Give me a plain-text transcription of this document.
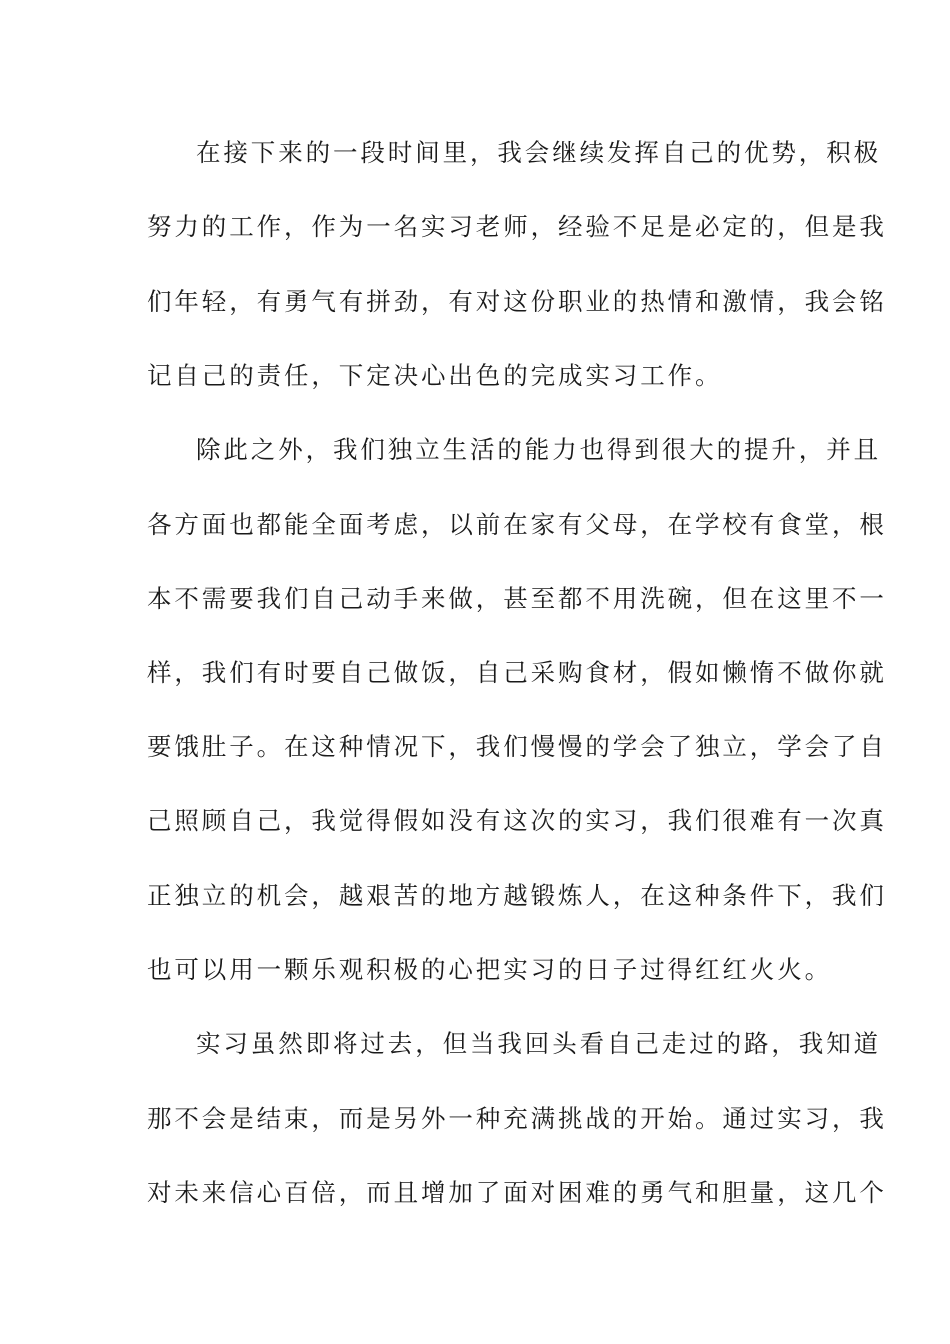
在接下来的一段时间里，我会继续发挥自己的优势，积极
努力的工作，作为一名实习老师，经验不足是必定的，但是我
们年轻，有勇气有拼劲，有对这份职业的热情和激情，我会铭
记自己的责任，下定决心出色的完成实习工作。
除此之外，我们独立生活的能力也得到很大的提升，并且
各方面也都能全面考虑，以前在家有父母，在学校有食堂，根
本不需要我们自己动手来做，甚至都不用洗碗，但在这里不一
样，我们有时要自己做饭，自己采购食材，假如懒惰不做你就
要饿肚子。在这种情况下，我们慢慢的学会了独立，学会了自
己照顾自己，我觉得假如没有这次的实习，我们很难有一次真
正独立的机会，越艰苦的地方越锻炼人，在这种条件下，我们
也可以用一颗乐观积极的心把实习的日子过得红红火火。
实习虽然即将过去，但当我回头看自己走过的路，我知道
那不会是结束，而是另外一种充满挑战的开始。通过实习，我
对未来信心百倍，而且增加了面对困难的勇气和胆量，这几个
